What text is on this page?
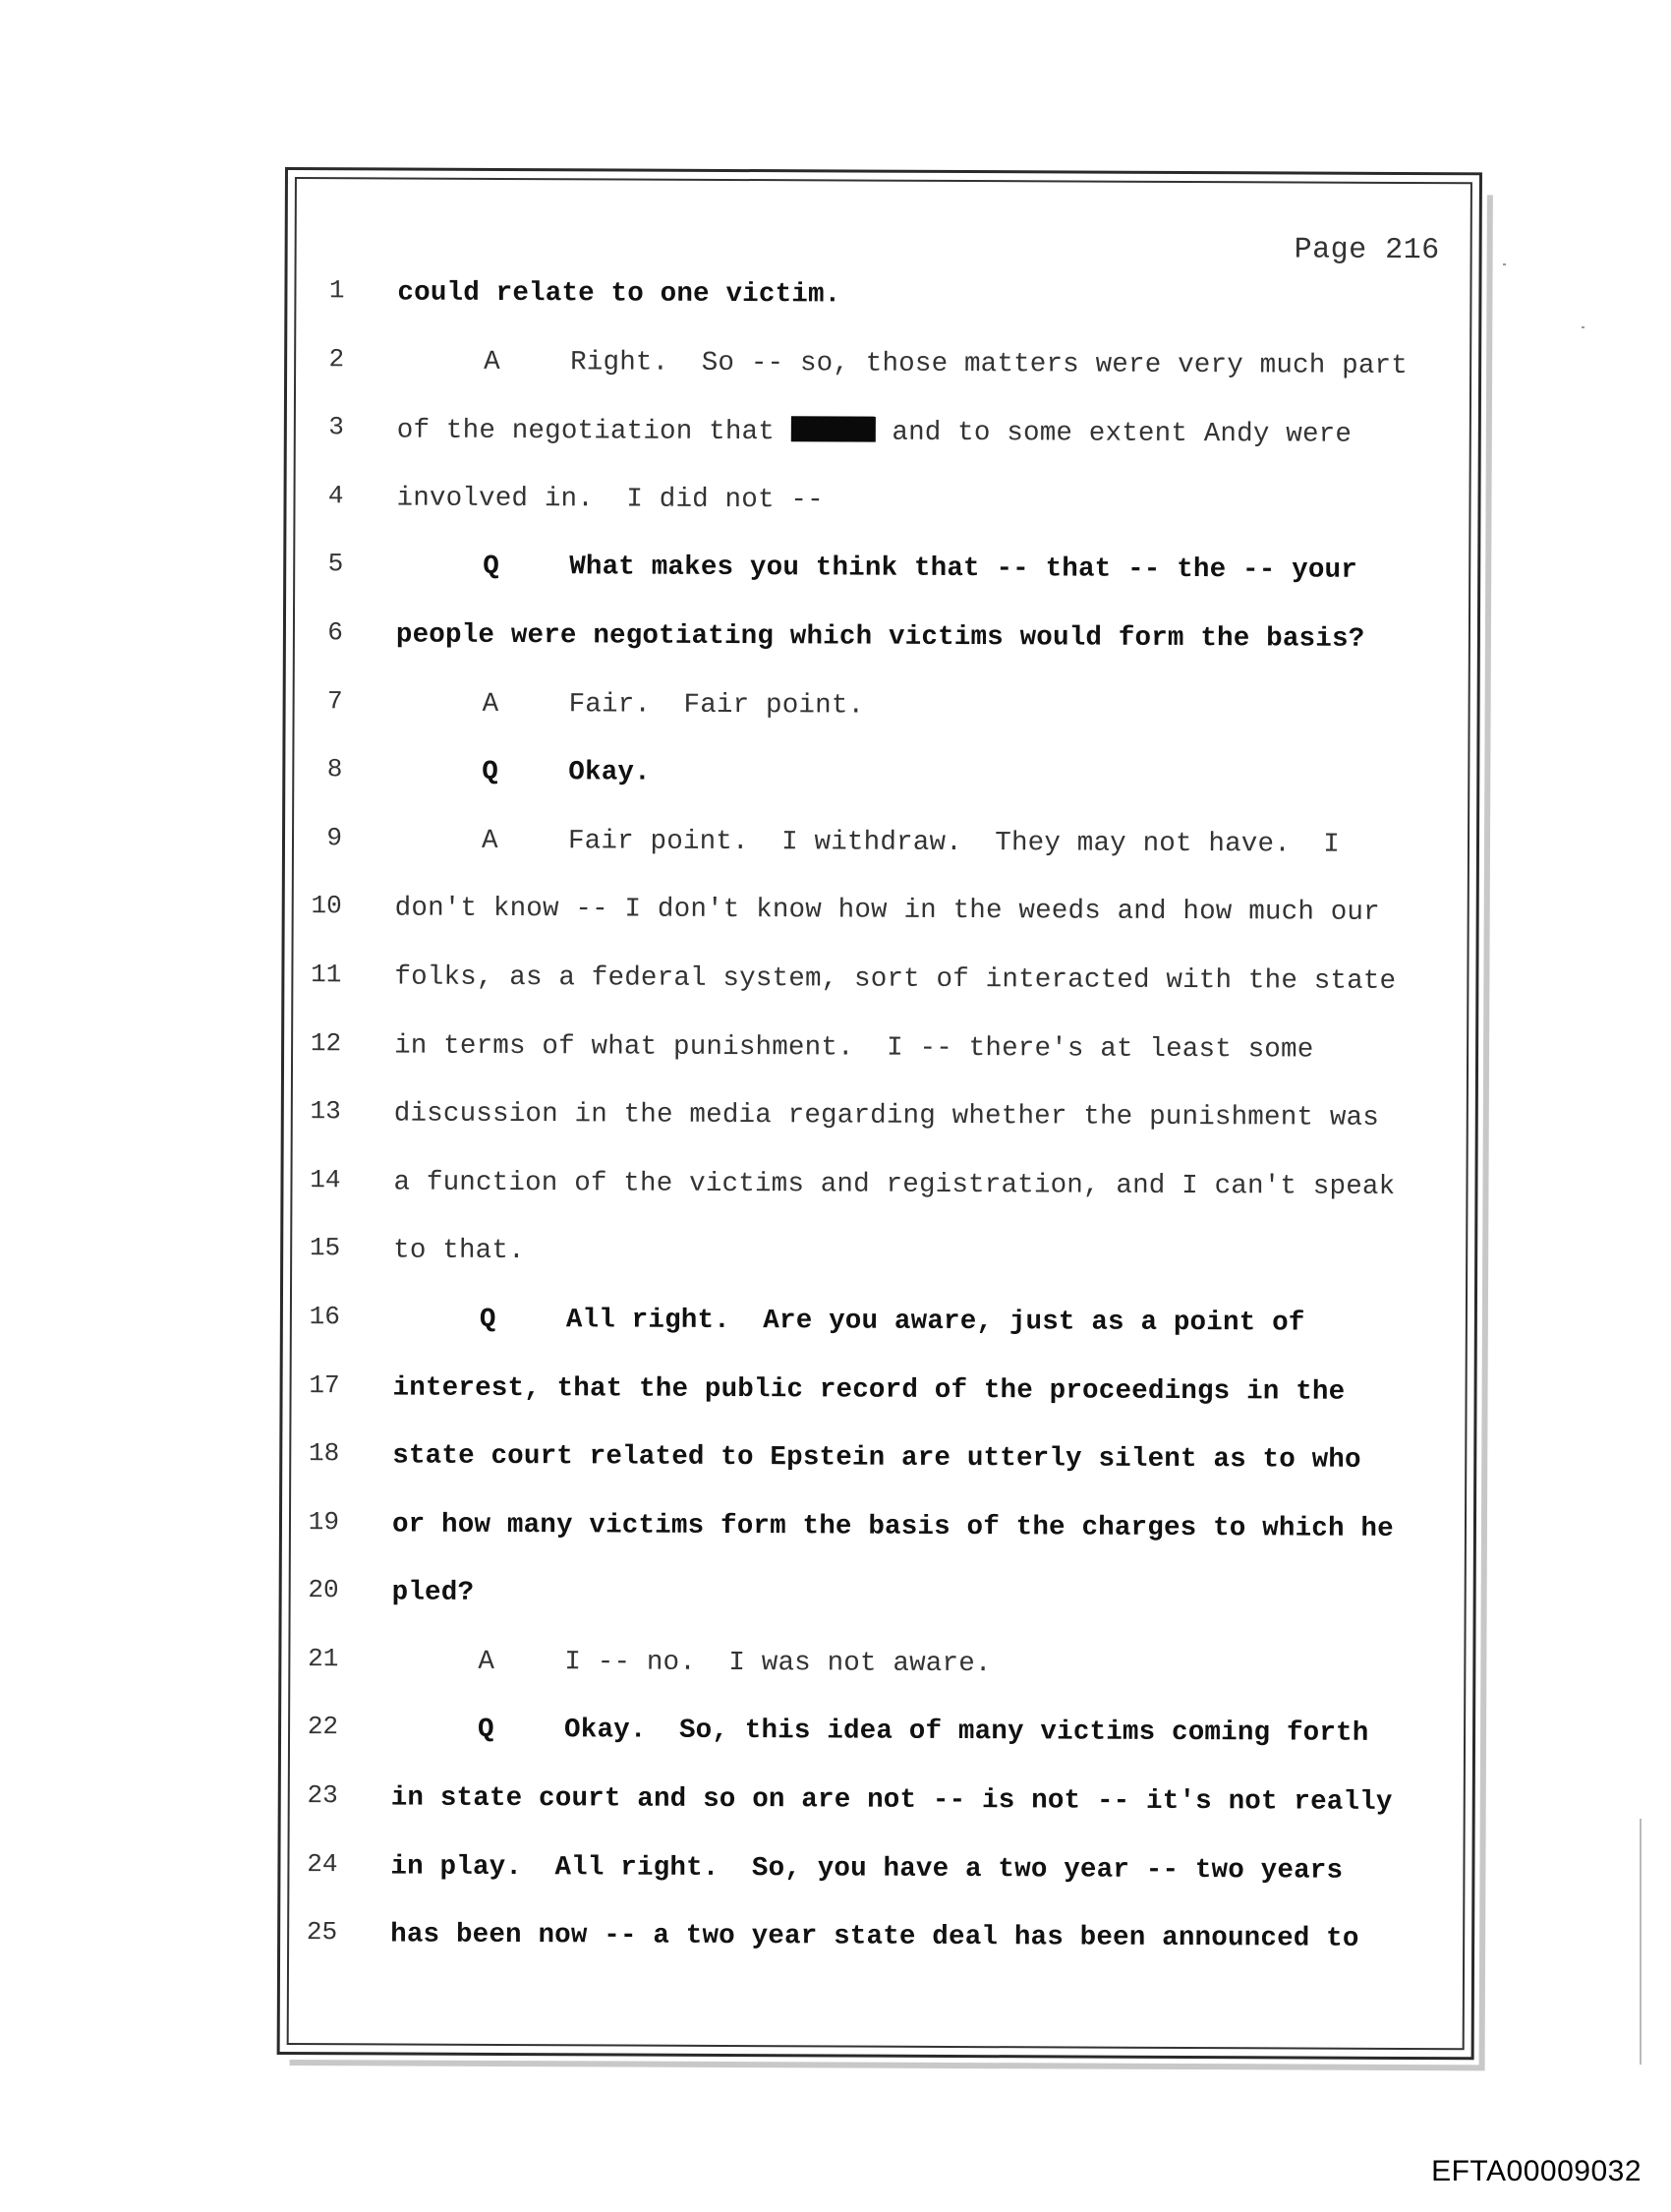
Page 216
1 could relate to one victim.
2	A	Right.  So -- so, those matters were very much part
3 of the negotiation that	and to some extent Andy were
4 involved in.  I did not --
5	Q	What makes you think that -- that -- the -- your
6 people were negotiating which victims would form the basis?
7	A	Fair.  Fair point.
8	Q	Okay.
9	A	Fair point.  I withdraw.  They may not have.  I
10 don't know -- I don't know how in the weeds and how much our
11 folks, as a federal system, sort of interacted with the state
12 in terms of what punishment.  I -- there's at least some
13 discussion in the media regarding whether the punishment was
14 a function of the victims and registration, and I can't speak
15 to that.
16	Q	All right.  Are you aware, just as a point of
17 interest, that the public record of the proceedings in the
18 state court related to Epstein are utterly silent as to who
19 or how many victims form the basis of the charges to which he
20 pled?
21	A	I -- no.  I was not aware.
22	Q	Okay.  So, this idea of many victims coming forth
23 in state court and so on are not -- is not -- it's not really
24 in play.  All right.  So, you have a two year -- two years
25 has been now -- a two year state deal has been announced to
EFTA00009032
